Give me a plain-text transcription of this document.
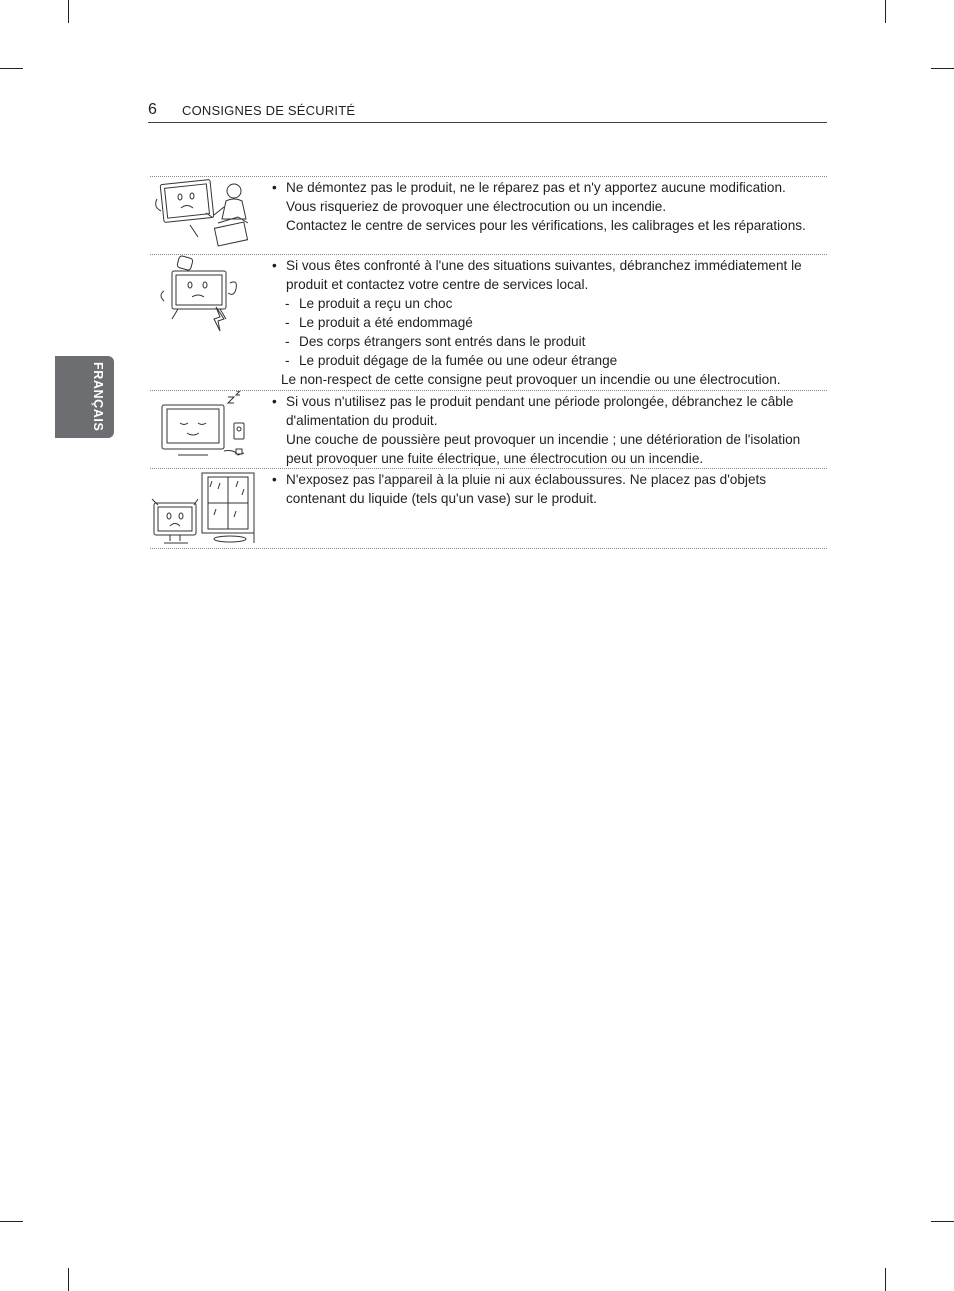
6 CONSIGNES DE SÉCURITÉ
FRANÇAIS
• Ne démontez pas le produit, ne le réparez pas et n'y apportez aucune modification.
Vous risqueriez de provoquer une électrocution ou un incendie.
Contactez le centre de services pour les vérifications, les calibrages et les réparations.
• Si vous êtes confronté à l'une des situations suivantes, débranchez immédiatement le produit et contactez votre centre de services local.
- Le produit a reçu un choc
- Le produit a été endommagé
- Des corps étrangers sont entrés dans le produit
- Le produit dégage de la fumée ou une odeur étrange
Le non-respect de cette consigne peut provoquer un incendie ou une électrocution.
• Si vous n'utilisez pas le produit pendant une période prolongée, débranchez le câble d'alimentation du produit.
Une couche de poussière peut provoquer un incendie ; une détérioration de l'isolation peut provoquer une fuite électrique, une électrocution ou un incendie.
• N'exposez pas l'appareil à la pluie ni aux éclaboussures. Ne placez pas d'objets contenant du liquide (tels qu'un vase) sur le produit.
